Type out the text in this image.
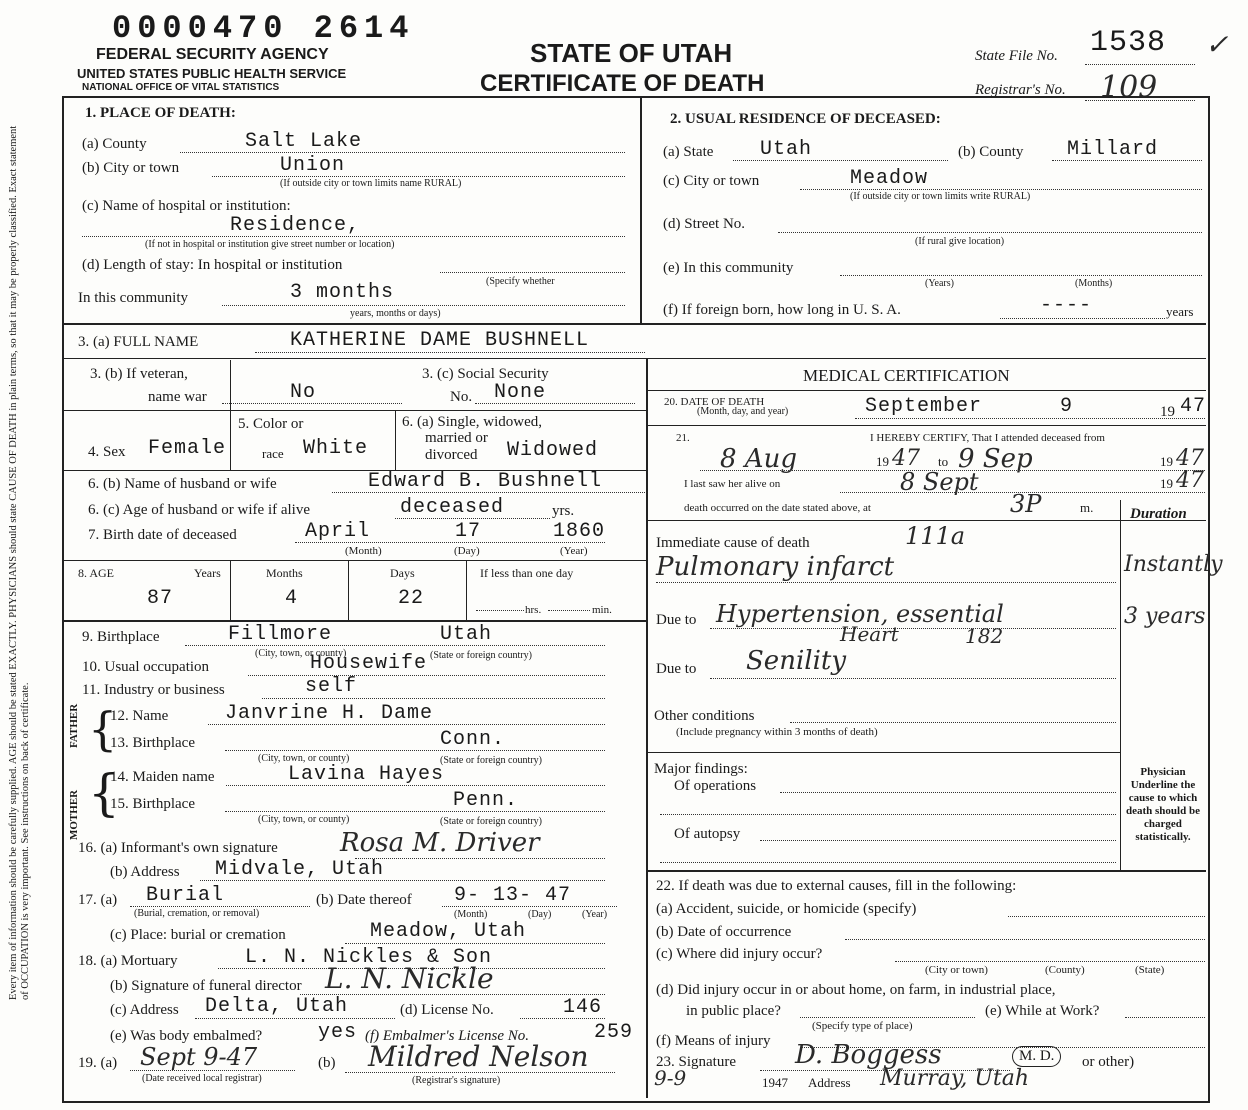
0000470 2614
FEDERAL SECURITY AGENCY
UNITED STATES PUBLIC HEALTH SERVICE
NATIONAL OFFICE OF VITAL STATISTICS
STATE OF UTAH
CERTIFICATE OF DEATH
State File No. 1538 ✓
Registrar's No. 109
Every item of information should be carefully supplied. AGE should be stated EXACTLY. PHYSICIANS should state CAUSE OF DEATH in plain terms, so that it may be properly classified. Exact statement of OCCUPATION is very important. See instructions on back of certificate.
1. PLACE OF DEATH:
(a) County	Salt Lake
(b) City or town	Union
(If outside city or town limits name RURAL)
(c) Name of hospital or institution:
Residence,
(If not in hospital or institution give street number or location)
(d) Length of stay: In hospital or institution
(Specify whether
In this community	3 months
years, months or days)
2. USUAL RESIDENCE OF DECEASED:
(a) State Utah	(b) County Millard
(c) City or town	Meadow
(If outside city or town limits write RURAL)
(d) Street No.
(If rural give location)
(e) In this community
(Years)	(Months)
(f) If foreign born, how long in U. S. A.	----	years
3. (a) FULL NAME	KATHERINE DAME BUSHNELL
3. (b) If veteran,
name war	No
3. (c) Social Security
No. None
4. Sex Female
5. Color or
race White
6. (a) Single, widowed,
married or
divorced Widowed
6. (b) Name of husband or wife	Edward B. Bushnell
6. (c) Age of husband or wife if alive	deceased	yrs.
7. Birth date of deceased	April	17	1860
(Month)	(Day)	(Year)
8. AGE	Years	Months	Days	If less than one day
87	4	22	hrs.	min.
9. Birthplace	Fillmore	Utah
(City, town, or county)	(State or foreign country)
10. Usual occupation	Housewife
11. Industry or business	self
FATHER {
12. Name	Janvrine H. Dame
13. Birthplace	Conn.
(City, town, or county)	(State or foreign country)
MOTHER {
14. Maiden name	Lavina Hayes
15. Birthplace	Penn.
(City, town, or county)	(State or foreign country)
16. (a) Informant's own signature Rosa M. Driver
(b) Address Midvale, Utah
17. (a) Burial
(Burial, cremation, or removal)
(b) Date thereof 9- 13- 47
(Month)	(Day)	(Year)
(c) Place: burial or cremation	Meadow, Utah
18. (a) Mortuary	L. N. Nickles & Son
(b) Signature of funeral director L. N. Nickle
(c) Address Delta, Utah	(d) License No.	146
(e) Was body embalmed?	yes (f) Embalmer's License No.	259
19. (a) Sept 9-47
(Date received local registrar)
(b) Mildred Nelson
(Registrar's signature)
MEDICAL CERTIFICATION
20. DATE OF DEATH
(Month, day, and year)	September	9	19 47
21.	I HEREBY CERTIFY, That I attended deceased from
8 Aug	19 47 to 9 Sep	19 47
I last saw her alive on	8 Sept	19 47
death occurred on the date stated above, at	3P	m. Duration
Immediate cause of death	111a
Pulmonary infarct	Instantly
Due to Hypertension, essential
Heart	182
3 years
Due to Senility
Other conditions
(Include pregnancy within 3 months of death)
Major findings:
Of operations
Of autopsy
Physician Underline the cause to which death should be charged statistically.
22. If death was due to external causes, fill in the following:
(a) Accident, suicide, or homicide (specify)
(b) Date of occurrence
(c) Where did injury occur?
(City or town)	(County)	(State)
(d) Did injury occur in or about home, on farm, in industrial place,
in public place?
(Specify type of place)
(e) While at Work?
(f) Means of injury
23. Signature D. Boggess	M. D.	or other)
9-9	1947 Address Murray, Utah
